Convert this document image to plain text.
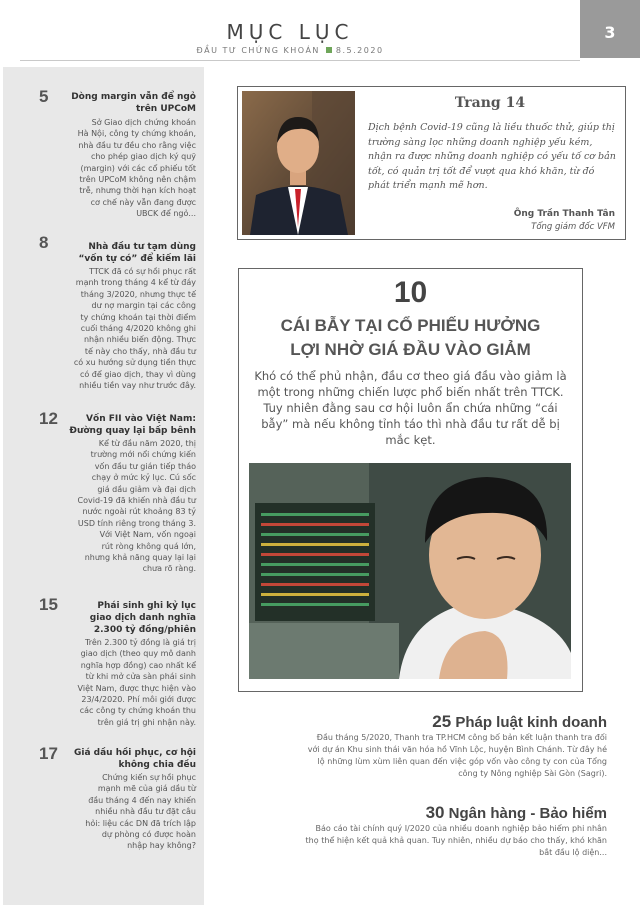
MỤC LỤC
ĐẦU TƯ CHỨNG KHOÁN 8.5.2020
3
5	Dòng margin vẫn để ngỏ
trên UPCoM
Sở Giao dịch chứng khoán
Hà Nội, công ty chứng khoán,
nhà đầu tư đều cho rằng việc
cho phép giao dịch ký quỹ
(margin) với các cổ phiếu tốt
trên UPCoM không nên chậm
trễ, nhưng thời hạn kích hoạt
cơ chế này vẫn đang được
UBCK để ngỏ...
8	Nhà đầu tư tạm dùng
“vốn tự có” để kiếm lãi
TTCK đã có sự hồi phục rất
mạnh trong tháng 4 kể từ đáy
tháng 3/2020, nhưng thực tế
dư nợ margin tại các công
ty chứng khoán tại thời điểm
cuối tháng 4/2020 không ghi
nhận nhiều biến động. Thực
tế này cho thấy, nhà đầu tư
có xu hướng sử dụng tiền thực
có để giao dịch, thay vì dùng
nhiều tiền vay như trước đây.
12	Vốn FII vào Việt Nam:
Đường quay lại bấp bênh
Kể từ đầu năm 2020, thị
trường mới nổi chứng kiến
vốn đầu tư gián tiếp tháo
chạy ở mức kỷ lục. Cú sốc
giá dầu giảm và đại dịch
Covid-19 đã khiến nhà đầu tư
nước ngoài rút khoảng 83 tỷ
USD tính riêng trong tháng 3.
Với Việt Nam, vốn ngoại
rút ròng không quá lớn,
nhưng khả năng quay lại lại
chưa rõ ràng.
15	Phái sinh ghi kỷ lục
giao dịch danh nghĩa
2.300 tỷ đồng/phiên
Trên 2.300 tỷ đồng là giá trị
giao dịch (theo quy mô danh
nghĩa hợp đồng) cao nhất kể
từ khi mở cửa sàn phái sinh
Việt Nam, được thực hiện vào
23/4/2020. Phí môi giới được
các công ty chứng khoán thu
trên giá trị ghi nhận này.
17 Giá dầu hồi phục, cơ hội
không chia đều
Chứng kiến sự hồi phục
mạnh mẽ của giá dầu từ
đầu tháng 4 đến nay khiến
nhiều nhà đầu tư đặt câu
hỏi: liệu các DN đã trích lập
dự phòng có được hoàn
nhập hay không?
Trang 14
Dịch bệnh Covid-19 cũng là liều thuốc thử, giúp thị trường sàng lọc những doanh nghiệp yếu kém, nhận ra được những doanh nghiệp có yếu tố cơ bản tốt, có quản trị tốt để vượt qua khó khăn, từ đó phát triển mạnh mẽ hơn.
Ông Trần Thanh Tân
Tổng giám đốc VFM
10
CÁI BẪY TẠI CỔ PHIẾU HƯỞNG
LỢI NHỜ GIÁ ĐẦU VÀO GIẢM
Khó có thể phủ nhận, đầu cơ theo giá đầu vào giảm là một trong những chiến lược phổ biến nhất trên TTCK. Tuy nhiên đằng sau cơ hội luôn ẩn chứa những “cái bẫy” mà nếu không tỉnh táo thì nhà đầu tư rất dễ bị mắc kẹt.
25 Pháp luật kinh doanh
Đầu tháng 5/2020, Thanh tra TP.HCM công bố bản kết luận thanh tra đối
với dự án Khu sinh thái văn hóa hồ Vĩnh Lộc, huyện Bình Chánh. Từ đây hé
lộ những lùm xùm liên quan đến việc góp vốn vào công ty con của Tổng
công ty Nông nghiệp Sài Gòn (Sagri).
30 Ngân hàng - Bảo hiểm
Báo cáo tài chính quý I/2020 của nhiều doanh nghiệp bảo hiểm phi nhân
thọ thể hiện kết quả khả quan. Tuy nhiên, nhiều dự báo cho thấy, khó khăn
bắt đầu lộ diện...
